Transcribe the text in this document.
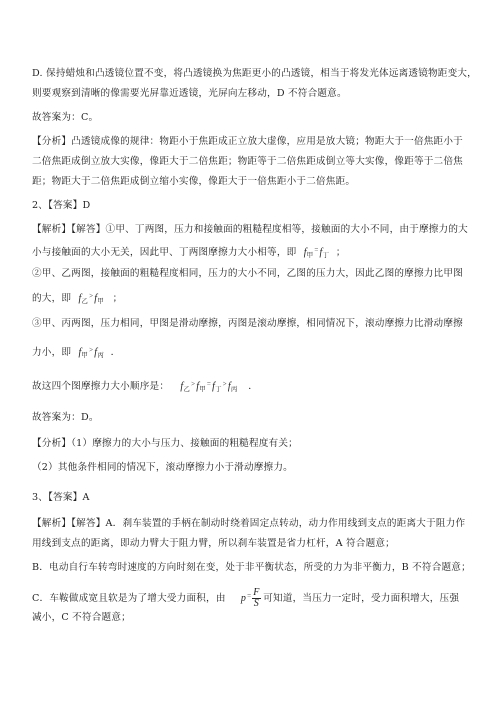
D. 保持蜡烛和凸透镜位置不变，将凸透镜换为焦距更小的凸透镜，相当于将发光体远离透镜物距变大，
则要观察到清晰的像需要光屏靠近透镜，光屏向左移动，D 不符合题意。
故答案为：C。
【分析】凸透镜成像的规律：物距小于焦距成正立放大虚像，应用是放大镜；物距大于一倍焦距小于
二倍焦距成倒立放大实像，像距大于二倍焦距；物距等于二倍焦距成倒立等大实像，像距等于二倍焦
距；物距大于二倍焦距成倒立缩小实像，像距大于一倍焦距小于二倍焦距。
2、【答案】D
【解析】【解答】①甲、丁两图，压力和接触面的粗糙程度相等，接触面的大小不同，由于摩擦力的大
小与接触面的大小无关，因此甲、丁两图摩擦力大小相等，即 $f_甲^=f_丁$ ；
②甲、乙两图，接触面的粗糙程度相同，压力的大小不同，乙图的压力大，因此乙图的摩擦力比甲图
的大，即 $f_乙^>f_甲$ ；
③甲、丙两图，压力相同，甲图是滑动摩擦，丙图是滚动摩擦，相同情况下，滚动摩擦力比滑动摩擦
力小，即 $f_甲^>f_丙$ ．
故这四个图摩擦力大小顺序是： $f_乙^>f_甲^=f_丁^>f_丙$ ．
故答案为：D。
【分析】（1）摩擦力的大小与压力、接触面的粗糙程度有关；
（2）其他条件相同的情况下，滚动摩擦力小于滑动摩擦力。
3、【答案】A
【解析】【解答】A．刹车装置的手柄在制动时绕着固定点转动，动力作用线到支点的距离大于阻力作
用线到支点的距离，即动力臂大于阻力臂，所以刹车装置是省力杠杆，A 符合题意；
B．电动自行车转弯时速度的方向时刻在变，处于非平衡状态，所受的力为非平衡力，B 不符合题意；
C．车鞍做成宽且软是为了增大受力面积，由 $p^= \frac{F}{S}$ 可知道，当压力一定时，受力面积增大，压强
减小，C 不符合题意；
